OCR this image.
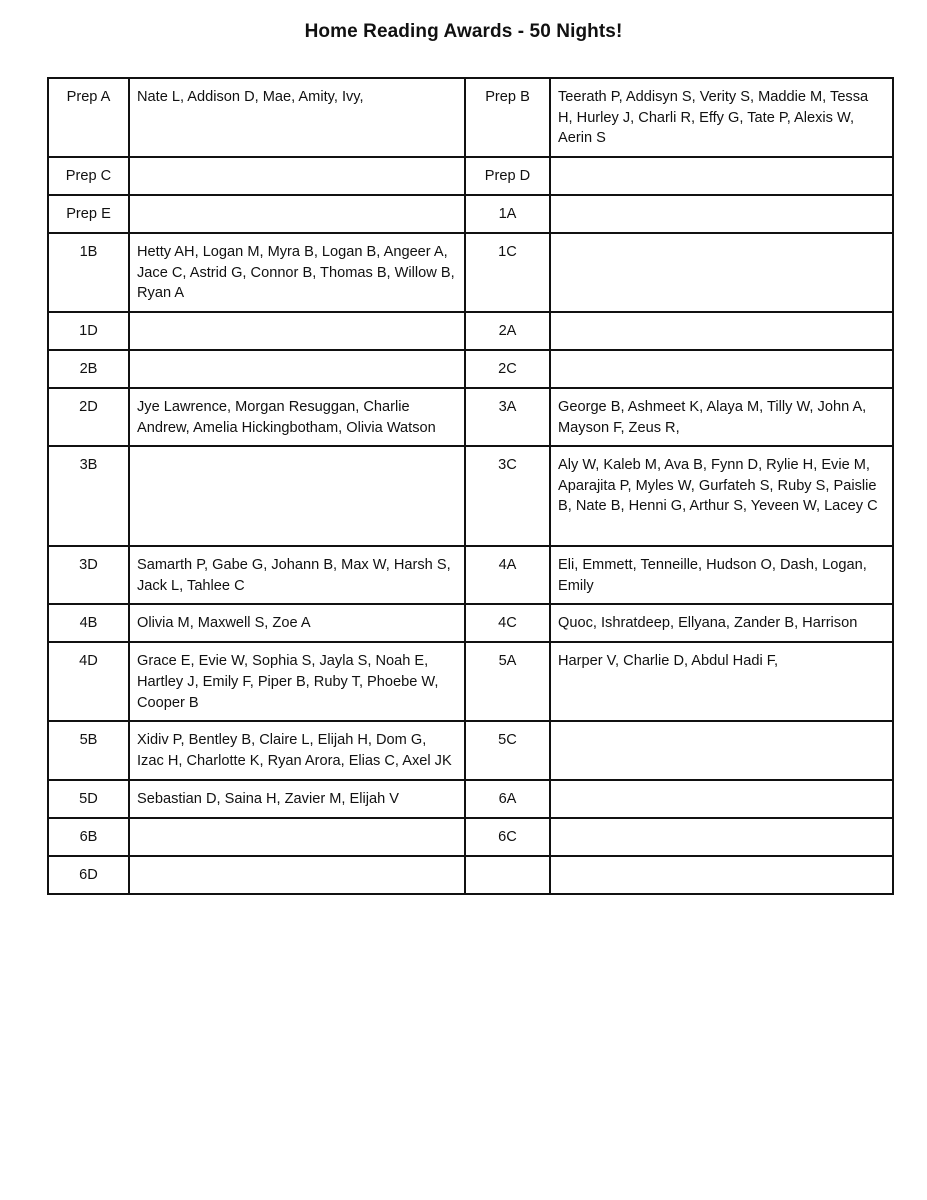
Home Reading Awards - 50 Nights!
Prep A	Nate L, Addison D, Mae, Amity, Ivy,	Prep B	Teerath P, Addisyn S, Verity S, Maddie M, Tessa H, Hurley J, Charli R, Effy G, Tate P, Alexis W, Aerin S
Prep C		Prep D	
Prep E		1A	
1B	Hetty AH, Logan M, Myra B, Logan B, Angeer A, Jace C, Astrid G, Connor B, Thomas B, Willow B, Ryan A	1C	
1D		2A	
2B		2C	
2D	Jye Lawrence, Morgan Resuggan, Charlie Andrew, Amelia Hickingbotham, Olivia Watson	3A	George B, Ashmeet K, Alaya M, Tilly W, John A, Mayson F, Zeus R,
3B		3C	Aly W, Kaleb M, Ava B, Fynn D, Rylie H, Evie M, Aparajita P, Myles W, Gurfateh S, Ruby S, Paislie B, Nate B, Henni G, Arthur S, Yeveen W, Lacey C
3D	Samarth P, Gabe G, Johann B, Max W, Harsh S, Jack L, Tahlee C	4A	Eli, Emmett, Tenneille, Hudson O, Dash, Logan, Emily
4B	Olivia M, Maxwell S, Zoe A	4C	Quoc, Ishratdeep, Ellyana, Zander B, Harrison
4D	Grace E, Evie W, Sophia S, Jayla S, Noah E, Hartley J, Emily F, Piper B, Ruby T, Phoebe W, Cooper B	5A	Harper V, Charlie D, Abdul Hadi F,
5B	Xidiv P, Bentley B, Claire L, Elijah H, Dom G, Izac H, Charlotte K, Ryan Arora, Elias C, Axel JK	5C	
5D	Sebastian D, Saina H, Zavier M, Elijah V	6A	
6B		6C	
6D			
